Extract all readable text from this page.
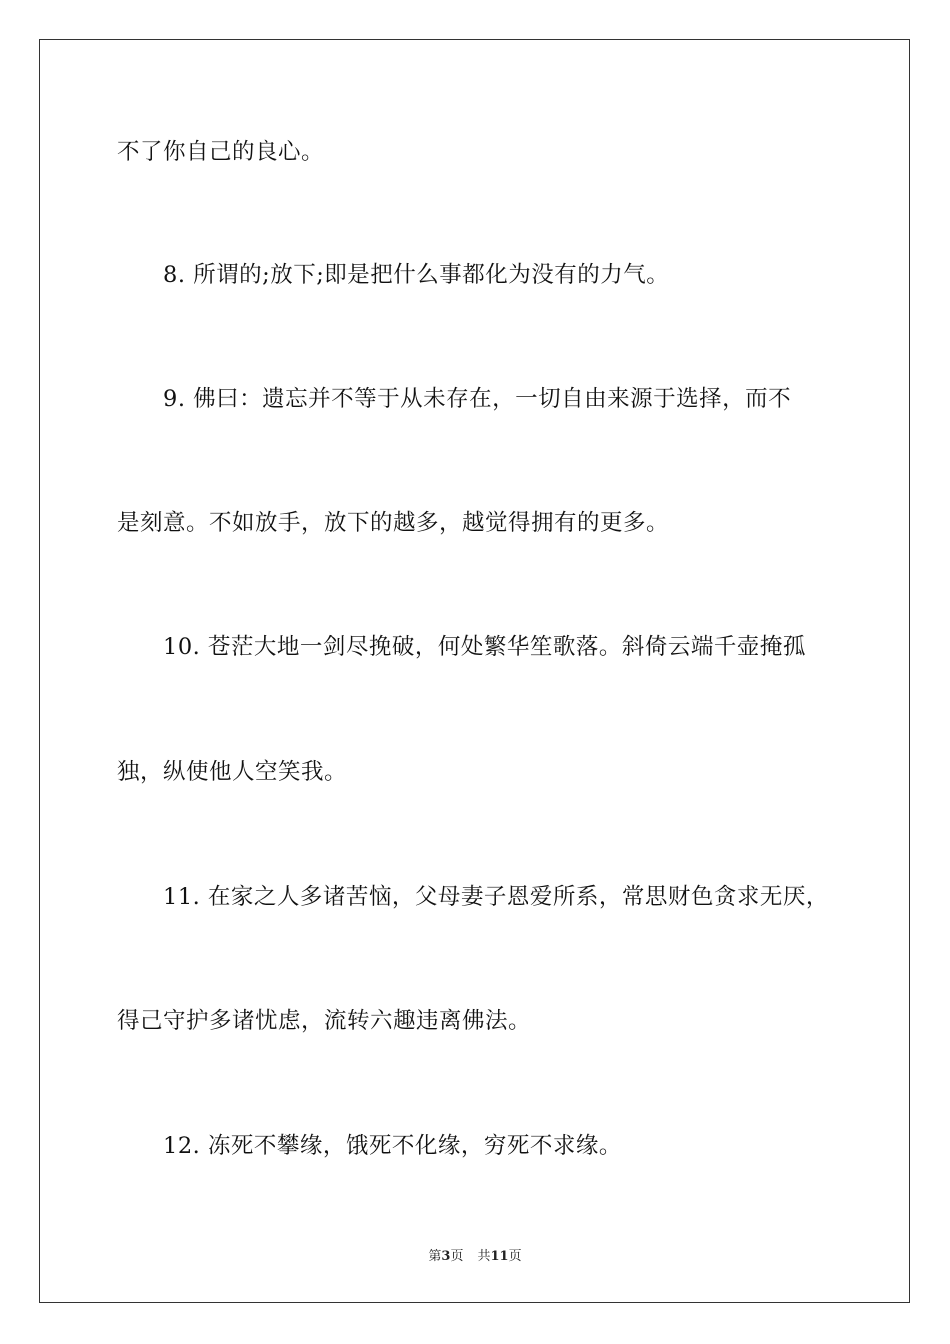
不了你自己的良心。
8. 所谓的;放下;即是把什么事都化为没有的力气。
9. 佛曰：遗忘并不等于从未存在，一切自由来源于选择，而不
是刻意。不如放手，放下的越多，越觉得拥有的更多。
10. 苍茫大地一剑尽挽破，何处繁华笙歌落。斜倚云端千壶掩孤
独，纵使他人空笑我。
11. 在家之人多诸苦恼，父母妻子恩爱所系，常思财色贪求无厌，
得己守护多诸忧虑，流转六趣违离佛法。
12. 冻死不攀缘，饿死不化缘，穷死不求缘。
第3页 共11页
